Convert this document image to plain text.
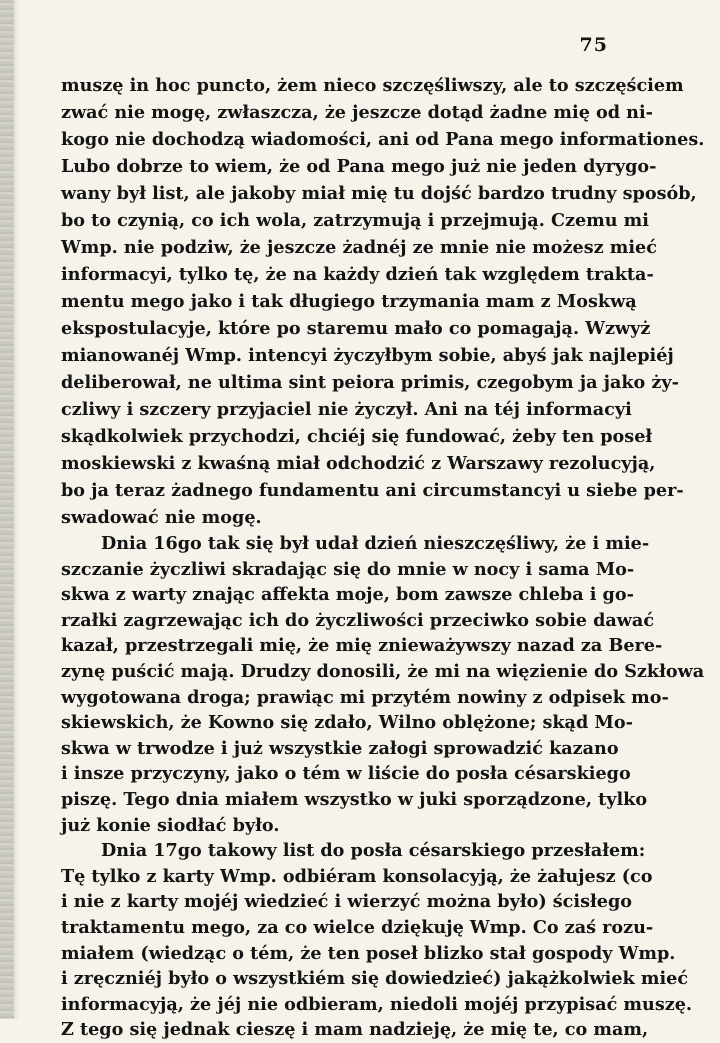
75
muszę in hoc puncto, żem nieco szczęśliwszy, ale to szczęściem
zwać nie mogę, zwłaszcza, że jeszcze dotąd żadne mię od ni-
kogo nie dochodzą wiadomości, ani od Pana mego informationes.
Lubo dobrze to wiem, że od Pana mego już nie jeden dyrygo-
wany był list, ale jakoby miał mię tu dojść bardzo trudny sposób,
bo to czynią, co ich wola, zatrzymują i przejmują. Czemu mi
Wmp. nie podziw, że jeszcze żadnéj ze mnie nie możesz mieć
informacyi, tylko tę, że na każdy dzień tak względem trakta-
mentu mego jako i tak długiego trzymania mam z Moskwą
ekspostulacyje, które po staremu mało co pomagają. Wzwyż
mianowanéj Wmp. intencyi życzyłbym sobie, abyś jak najlepiéj
deliberował, ne ultima sint peiora primis, czegobym ja jako ży-
czliwy i szczery przyjaciel nie życzył. Ani na téj informacyi
skądkolwiek przychodzi, chciéj się fundować, żeby ten poseł
moskiewski z kwaśną miał odchodzić z Warszawy rezolucyją,
bo ja teraz żadnego fundamentu ani circumstancyi u siebe per-
swadować nie mogę.
Dnia 16go tak się był udał dzień nieszczęśliwy, że i mie-
szczanie życzliwi skradając się do mnie w nocy i sama Mo-
skwa z warty znając affekta moje, bom zawsze chleba i go-
rzałki zagrzewając ich do życzliwości przeciwko sobie dawać
kazał, przestrzegali mię, że mię znieważywszy nazad za Bere-
zynę puścić mają. Drudzy donosili, że mi na więzienie do Szkłowa
wygotowana droga; prawiąc mi przytém nowiny z odpisek mo-
skiewskich, że Kowno się zdało, Wilno oblężone; skąd Mo-
skwa w trwodze i już wszystkie załogi sprowadzić kazano
i insze przyczyny, jako o tém w liście do posła césarskiego
piszę. Tego dnia miałem wszystko w juki sporządzone, tylko
już konie siodłać było.
Dnia 17go takowy list do posła césarskiego przesłałem:
Tę tylko z karty Wmp. odbiéram konsolacyją, że żałujesz (co
i nie z karty mojéj wiedzieć i wierzyć można było) ścisłego
traktamentu mego, za co wielce dziękuję Wmp. Co zaś rozu-
miałem (wiedząc o tém, że ten poseł blizko stał gospody Wmp.
i zręczniéj było o wszystkiém się dowiedzieć) jakążkolwiek mieć
informacyją, że jéj nie odbieram, niedoli mojéj przypisać muszę.
Z tego się jednak cieszę i mam nadzieję, że mię te, co mam,
